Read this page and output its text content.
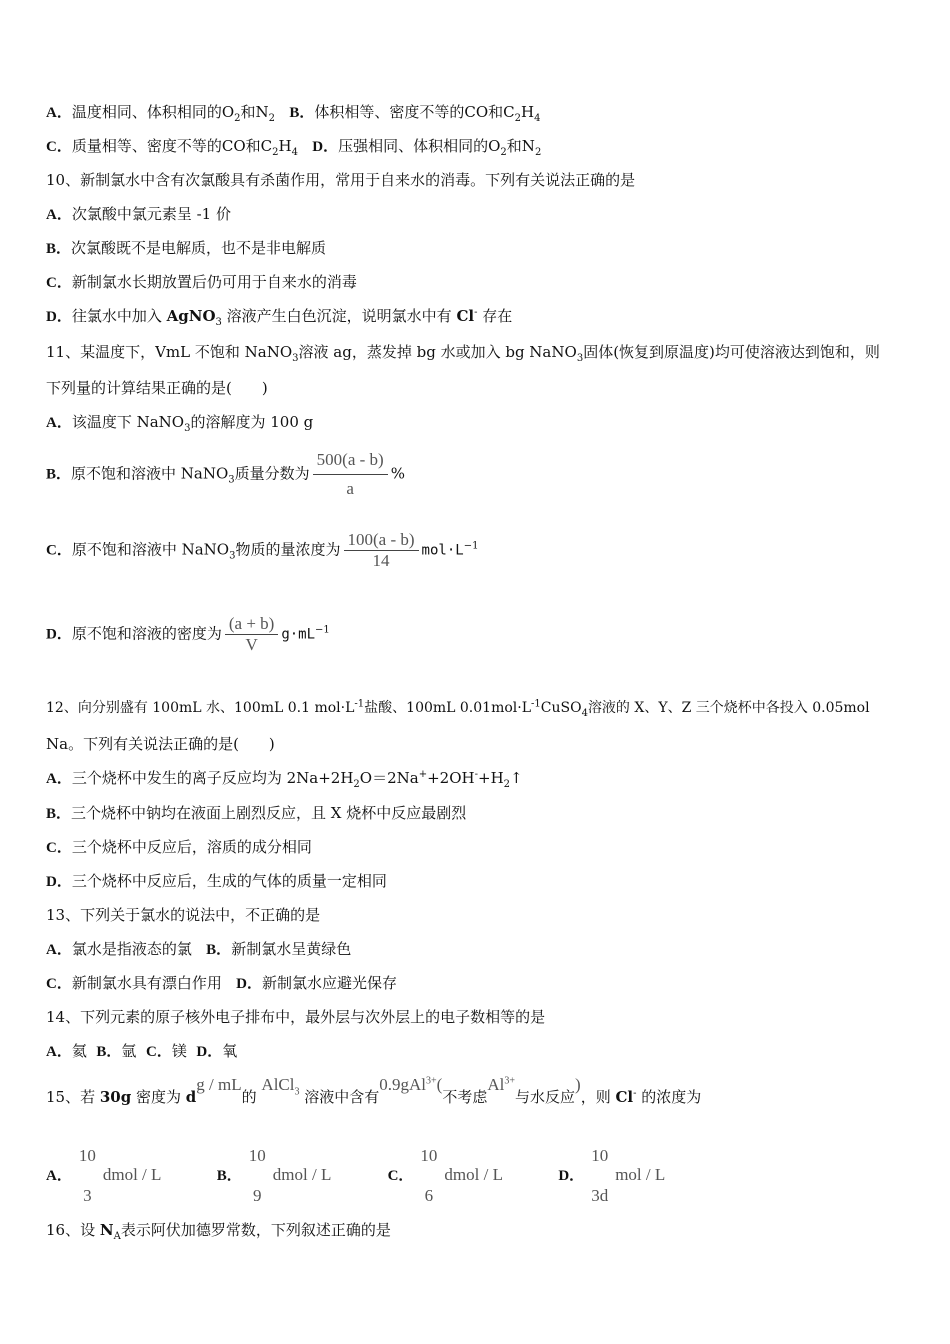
A．温度相同、体积相同的$O_2$和$N_2$ B．体积相等、密度不等的CO和$C_2H_4$
C．质量相等、密度不等的CO和$C_2H_4$ D．压强相同、体积相同的$O_2$和$N_2$
10、新制氯水中含有次氯酸具有杀菌作用，常用于自来水的消毒。下列有关说法正确的是
A．次氯酸中氯元素呈 -1 价
B．次氯酸既不是电解质，也不是非电解质
C．新制氯水长期放置后仍可用于自来水的消毒
D．往氯水中加入 AgNO$_3$ 溶液产生白色沉淀，说明氯水中有 Cl- 存在
11、某温度下，VmL 不饱和 NaNO$_3$溶液 ag，蒸发掉 bg 水或加入 bg NaNO$_3$固体(恢复到原温度)均可使溶液达到饱和，则
下列量的计算结果正确的是(　　)
A．该温度下 NaNO$_3$的溶解度为 100 g
B．原不饱和溶液中 NaNO$_3$质量分数为 $\frac{500(a - b)}{a}$ %
C．原不饱和溶液中 NaNO$_3$物质的量浓度为 $\frac{100(a - b)}{14} mol\cdot L^{-1}$
D．原不饱和溶液的密度为 $\frac{(a + b)}{V} g\cdot mL^{-1}$
12、向分别盛有 100mL 水、100mL 0.1 $mol\cdot L^{-1}$盐酸、100mL $0.01mol\cdot L^{-1}CuSO_4$溶液的 X、Y、Z 三个烧杯中各投入 0.05mol
Na。下列有关说法正确的是(　　)
A．三个烧杯中发生的离子反应均为 $2Na+2H_2O=2Na^++2OH^-+H_2↑$
B．三个烧杯中钠均在液面上剧烈反应，且 X 烧杯中反应最剧烈
C．三个烧杯中反应后，溶质的成分相同
D．三个烧杯中反应后，生成的气体的质量一定相同
13、下列关于氯水的说法中，不正确的是
A．氯水是指液态的氯 B．新制氯水呈黄绿色
C．新制氯水具有漂白作用 D．新制氯水应避光保存
14、下列元素的原子核外电子排布中，最外层与次外层上的电子数相等的是
A．氦 B．氩 C．镁 D．氧
15、若 30g 密度为 dg / mL的 AlCl$_3$ 溶液中含有0.9gAl$^{3+}$(不考虑$Al^{3+}$与水反应)，则 Cl- 的浓度为
A．
10
3
dmol / L	B．
10
9
dmol / L	C．
10
6
dmol / L	D．
10
3d
mol / L
16、设 $N_A$表示阿伏加德罗常数，下列叙述正确的是
